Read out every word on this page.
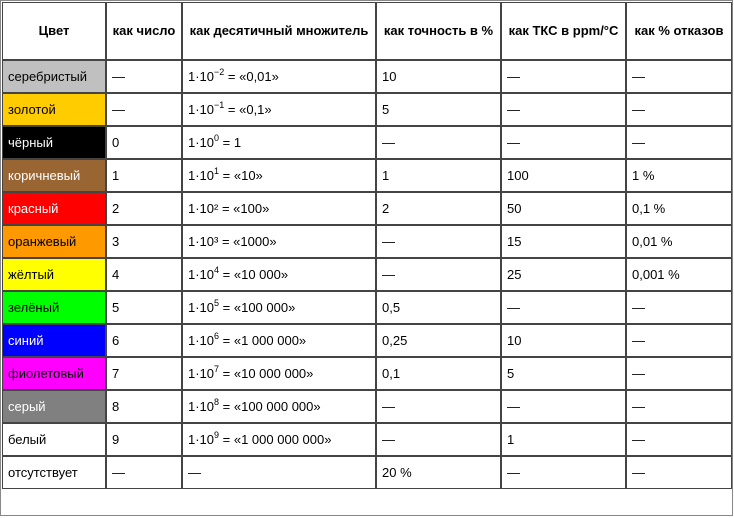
Цвет	как число	как десятичный множитель	как точность в %	как ТКС в ppm/°C	как % отказов
серебристый	—	$1\cdot 10^{-2}$ = «0,01»	10	—	—
золотой	—	$1\cdot 10^{-1}$ = «0,1»	5	—	—
чёрный	0	$1\cdot 10^0 = 1$	—	—	—
коричневый	1	$1\cdot 10^1$ = «10»	1	100	1 %
красный	2	1·10² = «100»	2	50	0,1 %
оранжевый	3	1·10³ = «1000»	—	15	0,01 %
жёлтый	4	$1\cdot 10^4$ = «10 000»	—	25	0,001 %
зелёный	5	$1\cdot 10^5$ = «100 000»	0,5	—	—
синий	6	$1\cdot 10^6$ = «1 000 000»	0,25	10	—
фиолетовый	7	$1\cdot 10^7$ = «10 000 000»	0,1	5	—
серый	8	$1\cdot 10^8$ = «100 000 000»	—	—	—
белый	9	$1\cdot 10^9$ = «1 000 000 000»	—	1	—
отсутствует	—	—	20 %	—	—
